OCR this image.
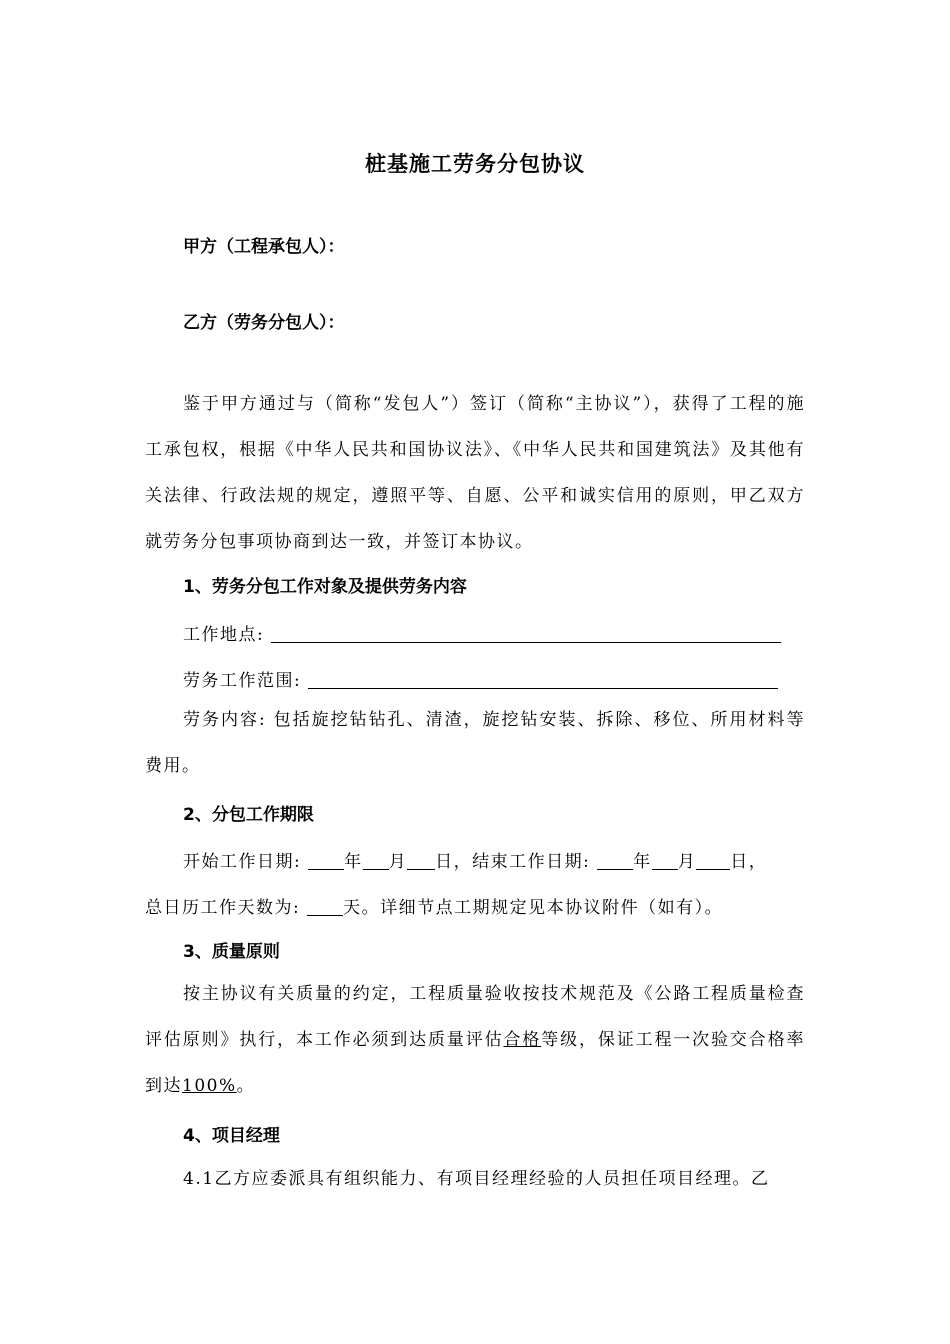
桩基施工劳务分包协议
甲方（工程承包人）：
乙方（劳务分包人）：
鉴于甲方通过与（简称“发包人”）签订（简称“主协议”），获得了工程的施工承包权，根据《中华人民共和国协议法》、《中华人民共和国建筑法》及其他有关法律、行政法规的规定，遵照平等、自愿、公平和诚实信用的原则，甲乙双方就劳务分包事项协商到达一致，并签订本协议。
1、劳务分包工作对象及提供劳务内容
工作地点:
劳务工作范围:
劳务内容: 包括旋挖钻钻孔、清渣，旋挖钻安装、拆除、移位、所用材料等费用。
2、分包工作期限
开始工作日期:	年 月 日，结束工作日期:	年 月 日，
总日历工作天数为:	天。详细节点工期规定见本协议附件（如有）。
3、质量原则
按主协议有关质量的约定，工程质量验收按技术规范及《公路工程质量检查评估原则》执行，本工作必须到达质量评估合格等级，保证工程一次验交合格率到达100%。
4、项目经理
4.1乙方应委派具有组织能力、有项目经理经验的人员担任项目经理。乙
